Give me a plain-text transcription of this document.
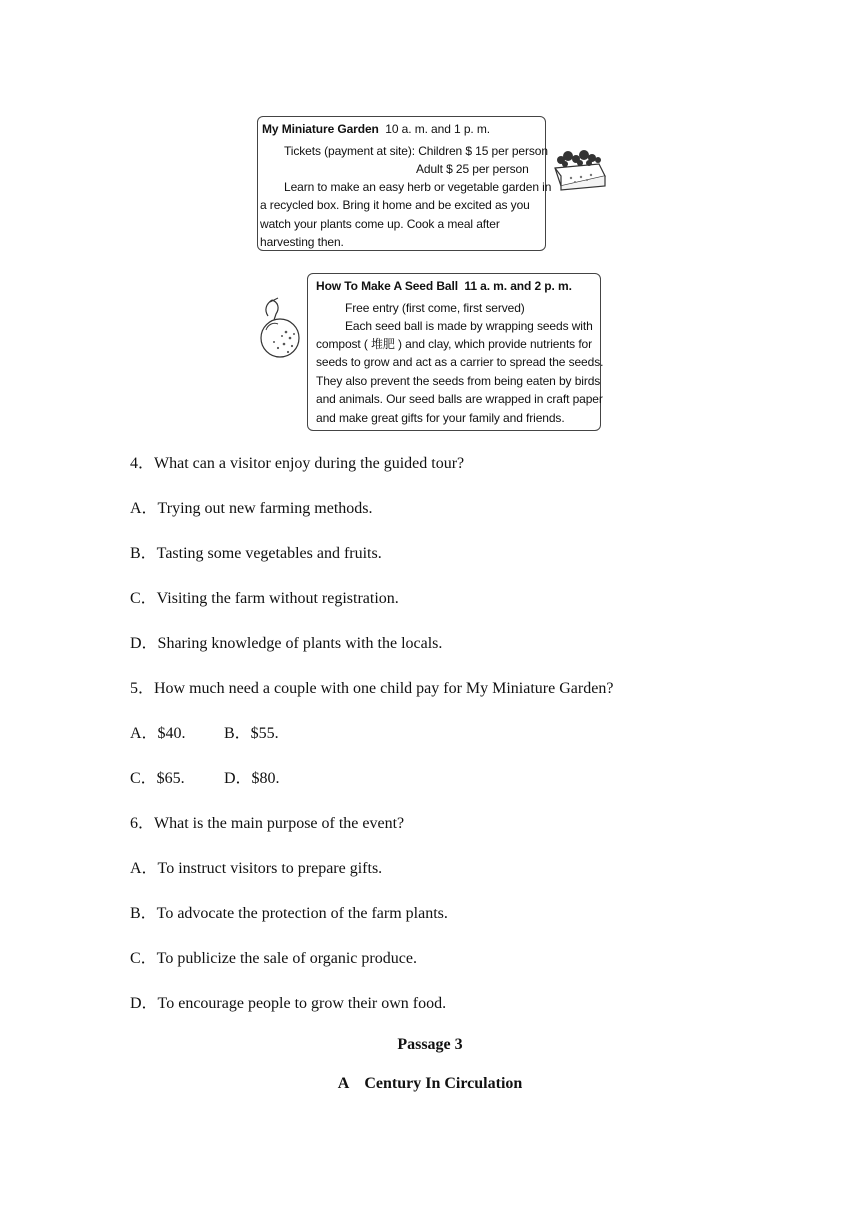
My Miniature Garden 10 a. m. and 1 p. m.
Tickets (payment at site): Children $ 15 per person
Adult $ 25 per person
Learn to make an easy herb or vegetable garden in
a recycled box. Bring it home and be excited as you
watch your plants come up. Cook a meal after
harvesting then.
How To Make A Seed Ball 11 a. m. and 2 p. m.
Free entry (first come, first served)
Each seed ball is made by wrapping seeds with
compost ( 堆肥 ) and clay, which provide nutrients for
seeds to grow and act as a carrier to spread the seeds.
They also prevent the seeds from being eaten by birds
and animals. Our seed balls are wrapped in craft paper
and make great gifts for your family and friends.
4．What can a visitor enjoy during the guided tour?
A．Trying out new farming methods.
B．Tasting some vegetables and fruits.
C．Visiting the farm without registration.
D．Sharing knowledge of plants with the locals.
5．How much need a couple with one child pay for My Miniature Garden?
A．$40. B．$55.
C．$65. D．$80.
6．What is the main purpose of the event?
A．To instruct visitors to prepare gifts.
B．To advocate the protection of the farm plants.
C．To publicize the sale of organic produce.
D．To encourage people to grow their own food.
Passage 3
A　Century In Circulation
